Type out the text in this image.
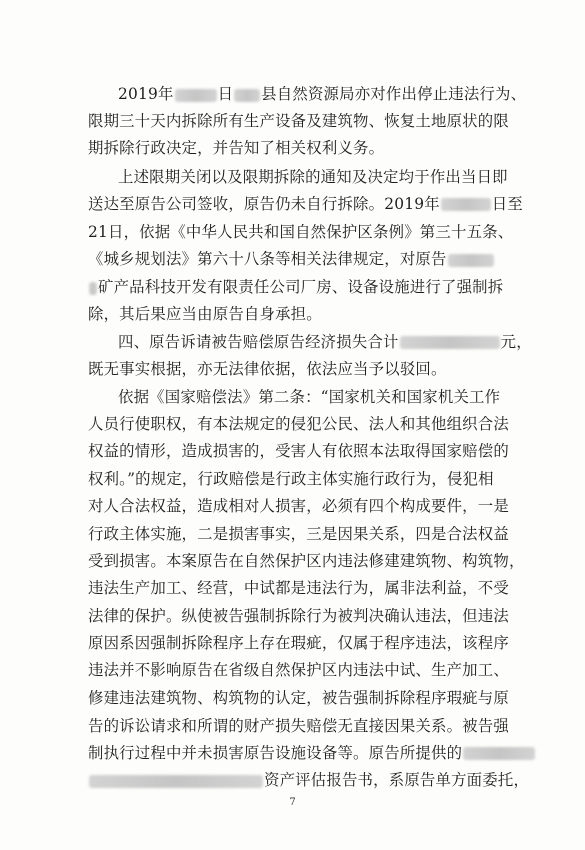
2019年	日 县自然资源局亦对作出停止违法行为、
限期三十天内拆除所有生产设备及建筑物、恢复土地原状的限
期拆除行政决定，并告知了相关权利义务。
上述限期关闭以及限期拆除的通知及决定均于作出当日即
送达至原告公司签收，原告仍未自行拆除。2019年	日至
21日，依据《中华人民共和国自然保护区条例》第三十五条、
《城乡规划法》第六十八条等相关法律规定，对原告
矿产品科技开发有限责任公司厂房、设备设施进行了强制拆
除，其后果应当由原告自身承担。
四、原告诉请被告赔偿原告经济损失合计	元，
既无事实根据，亦无法律依据，依法应当予以驳回。
依据《国家赔偿法》第二条：“国家机关和国家机关工作
人员行使职权，有本法规定的侵犯公民、法人和其他组织合法
权益的情形，造成损害的，受害人有依照本法取得国家赔偿的
权利。”的规定，行政赔偿是行政主体实施行政行为，侵犯相
对人合法权益，造成相对人损害，必须有四个构成要件，一是
行政主体实施，二是损害事实，三是因果关系，四是合法权益
受到损害。本案原告在自然保护区内违法修建建筑物、构筑物，
违法生产加工、经营，中试都是违法行为，属非法利益，不受
法律的保护。纵使被告强制拆除行为被判决确认违法，但违法
原因系因强制拆除程序上存在瑕疵，仅属于程序违法，该程序
违法并不影响原告在省级自然保护区内违法中试、生产加工、
修建违法建筑物、构筑物的认定，被告强制拆除程序瑕疵与原
告的诉讼请求和所谓的财产损失赔偿无直接因果关系。被告强
制执行过程中并未损害原告设施设备等。原告所提供的
资产评估报告书，系原告单方面委托，
7
